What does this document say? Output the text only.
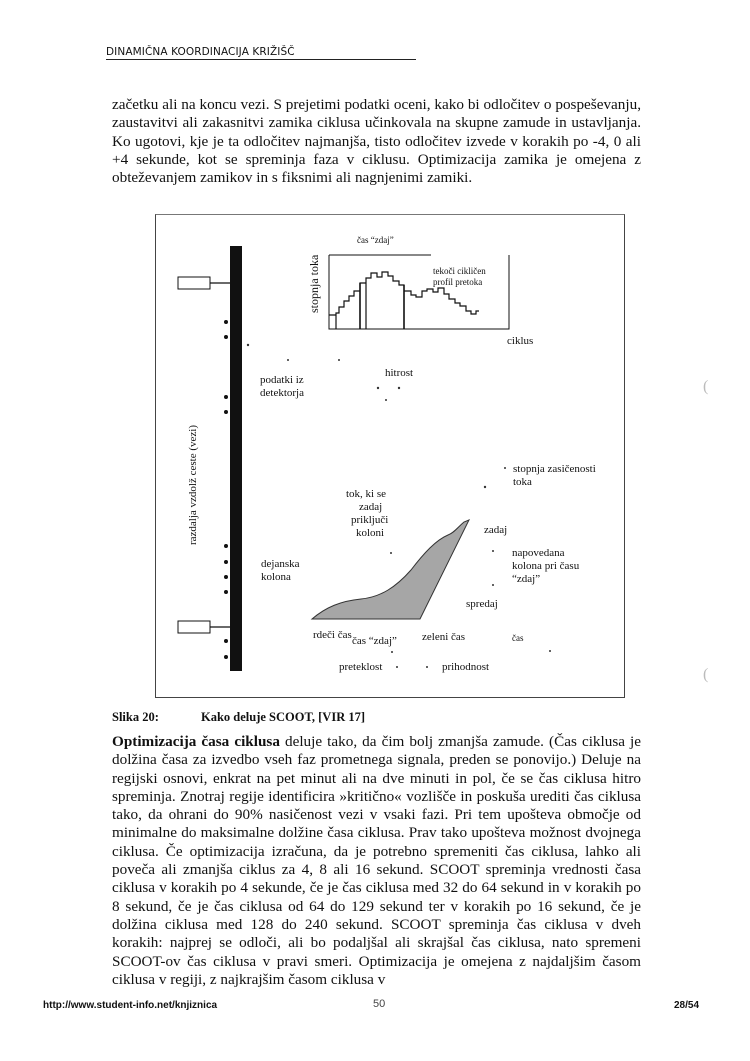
DINAMIČNA KOORDINACIJA KRIŽIŠČ
začetku ali na koncu vezi. S prejetimi podatki oceni, kako bi odločitev o pospeševanju, zaustavitvi ali zakasnitvi zamika ciklusa učinkovala na skupne zamude in ustavljanja. Ko ugotovi, kje je ta odločitev najmanjša, tisto odločitev izvede v korakih po -4, 0 ali +4 sekunde, kot se spreminja faza v ciklusu. Optimizacija zamika je omejena z obteževanjem zamikov in s fiksnimi ali nagnjenimi zamiki.
čas “zdaj”
stopnja toka	tekoči cikličen
profil pretoka
ciklus
hitrost
podatki iz
detektorja
razdalja vzdolž ceste (vezi)	stopnja zasičenosti
toka
tok, ki se
zadaj
priključi
koloni	zadaj
napovedana
kolona pri času
“zdaj”
dejanska
kolona
spredaj
rdeči čas čas “zdaj” zeleni čas	čas
preteklost	prihodnost
Slika 20:	Kako deluje SCOOT, [VIR 17]
Optimizacija časa ciklusa deluje tako, da čim bolj zmanjša zamude. (Čas ciklusa je dolžina časa za izvedbo vseh faz prometnega signala, preden se ponovijo.) Deluje na regijski osnovi, enkrat na pet minut ali na dve minuti in pol, če se čas ciklusa hitro spreminja. Znotraj regije identificira »kritično« vozlišče in poskuša urediti čas ciklusa tako, da ohrani do 90% nasičenost vezi v vsaki fazi. Pri tem upošteva območje od minimalne do maksimalne dolžine časa ciklusa. Prav tako upošteva možnost dvojnega ciklusa. Če optimizacija izračuna, da je potrebno spremeniti čas ciklusa, lahko ali poveča ali zmanjša ciklus za 4, 8 ali 16 sekund. SCOOT spreminja vrednosti časa ciklusa v korakih po 4 sekunde, če je čas ciklusa med 32 do 64 sekund in v korakih po 8 sekund, če je čas ciklusa od 64 do 129 sekund ter v korakih po 16 sekund, če je dolžina ciklusa med 128 do 240 sekund. SCOOT spreminja čas ciklusa v dveh korakih: najprej se odloči, ali bo podaljšal ali skrajšal čas ciklusa, nato spremeni SCOOT-ov čas ciklusa v pravi smeri. Optimizacija je omejena z najdaljšim časom ciklusa v regiji, z najkrajšim časom ciklusa v
(
(
http://www.student-info.net/knjiznica	50	28/54
